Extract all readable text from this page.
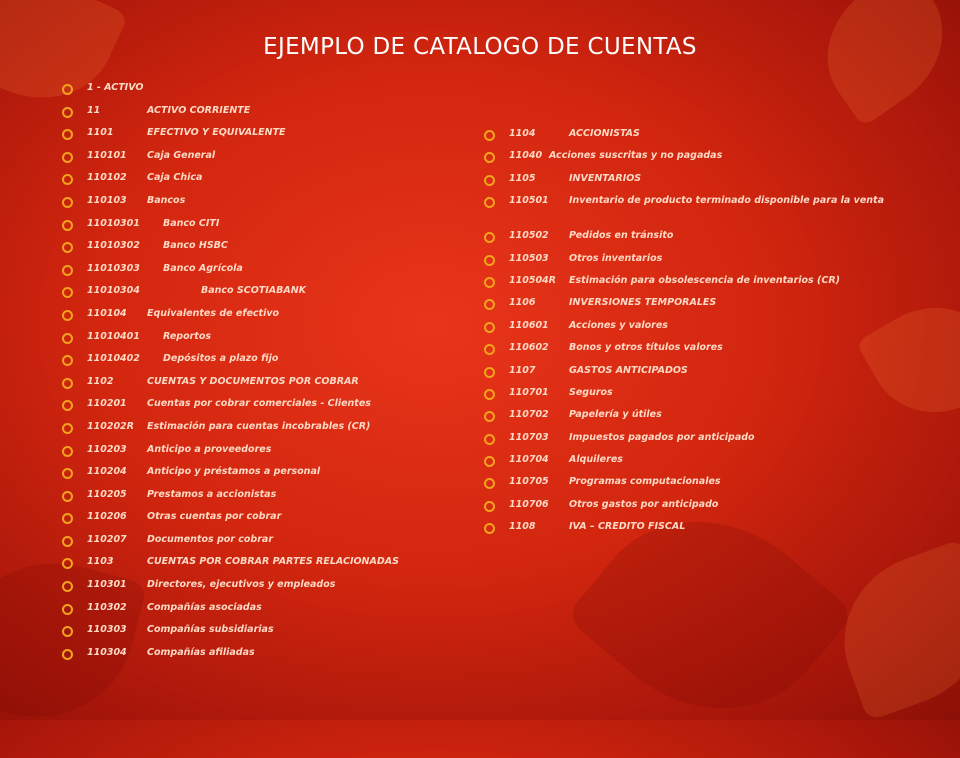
EJEMPLO DE CATALOGO DE CUENTAS
1 - ACTIVO
11	ACTIVO CORRIENTE
1101	EFECTIVO Y EQUIVALENTE
110101	Caja General
110102	Caja Chica
110103	Bancos
11010301	Banco CITI
11010302	Banco HSBC
11010303	Banco Agrícola
11010304	Banco SCOTIABANK
110104	Equivalentes de efectivo
11010401	Reportos
11010402	Depósitos a plazo fijo
1102	CUENTAS Y DOCUMENTOS POR COBRAR
110201	Cuentas por cobrar comerciales - Clientes
110202R	Estimación para cuentas incobrables (CR)
110203	Anticipo a proveedores
110204	Anticipo y préstamos a personal
110205	Prestamos a accionistas
110206	Otras cuentas por cobrar
110207	Documentos por cobrar
1103	CUENTAS POR COBRAR PARTES RELACIONADAS
110301	Directores, ejecutivos y empleados
110302	Compañías asociadas
110303	Compañías subsidiarias
110304	Compañías afiliadas
1104	ACCIONISTAS
11040 Acciones suscritas y no pagadas
1105	INVENTARIOS
110501	Inventario de producto terminado disponible para la venta
110502	Pedidos en tránsito
110503	Otros inventarios
110504R	Estimación para obsolescencia de inventarios (CR)
1106	INVERSIONES TEMPORALES
110601	Acciones y valores
110602	Bonos y otros títulos valores
1107	GASTOS ANTICIPADOS
110701	Seguros
110702	Papelería y útiles
110703	Impuestos pagados por anticipado
110704	Alquileres
110705	Programas computacionales
110706	Otros gastos por anticipado
1108	IVA – CREDITO FISCAL
